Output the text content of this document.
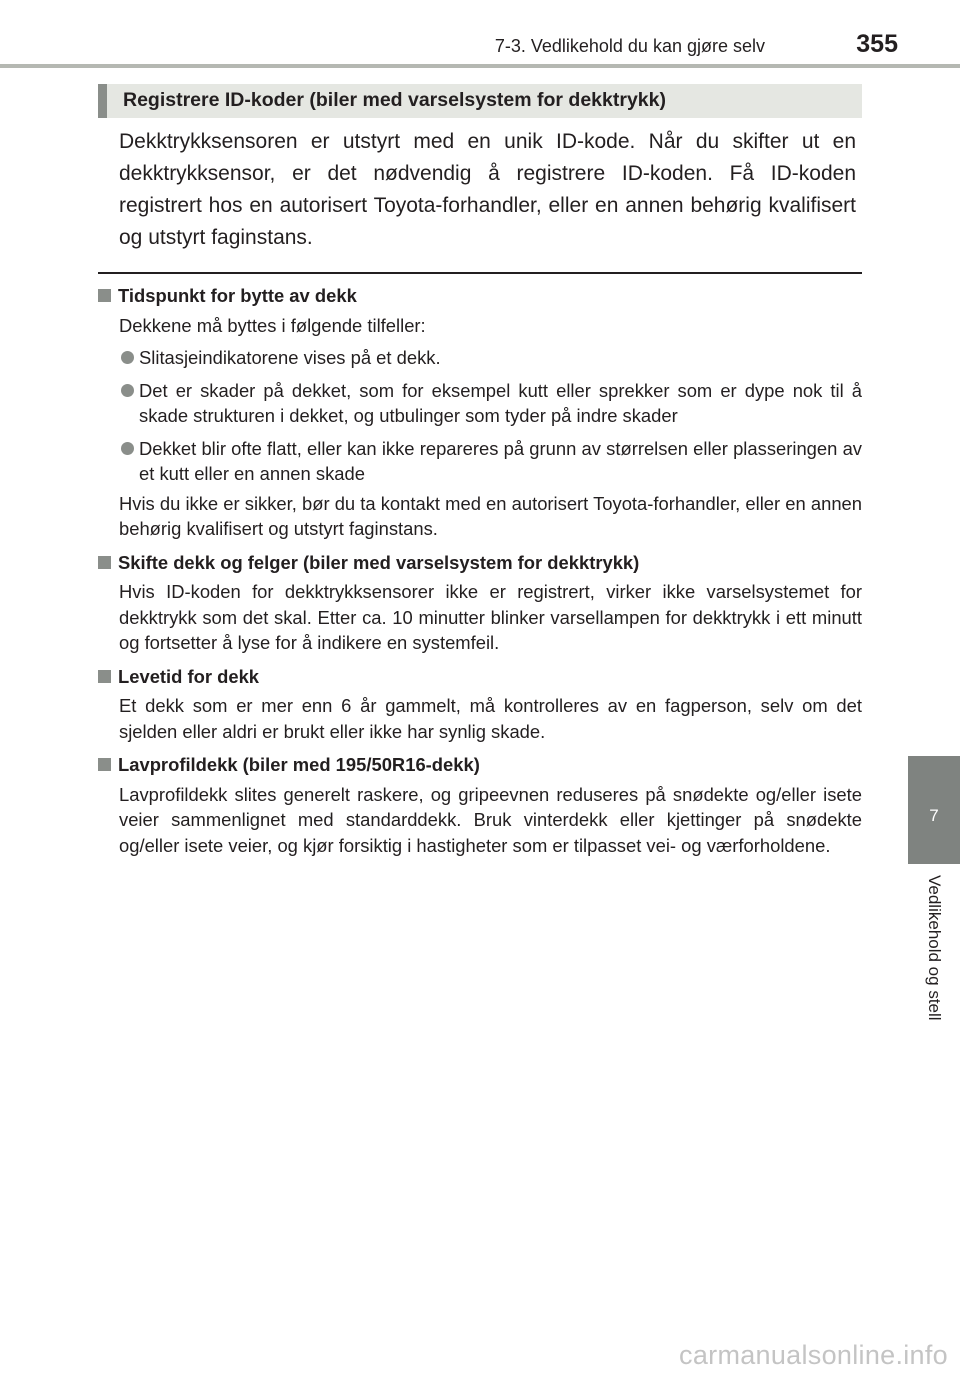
7-3. Vedlikehold du kan gjøre selv	355
Registrere ID-koder (biler med varselsystem for dekktrykk)
Dekktrykksensoren er utstyrt med en unik ID-kode. Når du skifter ut en dekktrykksensor, er det nødvendig å registrere ID-koden. Få ID-koden registrert hos en autorisert Toyota-forhandler, eller en annen behørig kvalifisert og utstyrt faginstans.
Tidspunkt for bytte av dekk
Dekkene må byttes i følgende tilfeller:
Slitasjeindikatorene vises på et dekk.
Det er skader på dekket, som for eksempel kutt eller sprekker som er dype nok til å skade strukturen i dekket, og utbulinger som tyder på indre skader
Dekket blir ofte flatt, eller kan ikke repareres på grunn av størrelsen eller plasseringen av et kutt eller en annen skade
Hvis du ikke er sikker, bør du ta kontakt med en autorisert Toyota-forhandler, eller en annen behørig kvalifisert og utstyrt faginstans.
Skifte dekk og felger (biler med varselsystem for dekktrykk)
Hvis ID-koden for dekktrykksensorer ikke er registrert, virker ikke varselsystemet for dekktrykk som det skal. Etter ca. 10 minutter blinker varsellampen for dekktrykk i ett minutt og fortsetter å lyse for å indikere en systemfeil.
Levetid for dekk
Et dekk som er mer enn 6 år gammelt, må kontrolleres av en fagperson, selv om det sjelden eller aldri er brukt eller ikke har synlig skade.
Lavprofildekk (biler med 195/50R16-dekk)
Lavprofildekk slites generelt raskere, og gripeevnen reduseres på snødekte og/eller isete veier sammenlignet med standarddekk. Bruk vinterdekk eller kjettinger på snødekte og/eller isete veier, og kjør forsiktig i hastigheter som er tilpasset vei- og værforholdene.
7
Vedlikehold og stell
carmanualsonline.info
